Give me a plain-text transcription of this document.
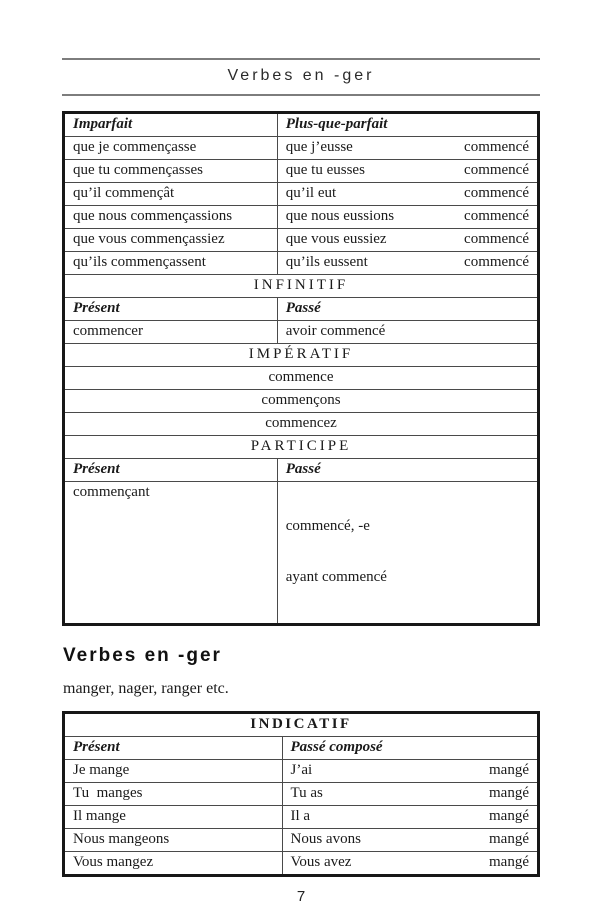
Verbes en -ger
Imparfait	Plus-que-parfait
que je commençasse	que j’eusse commencé

que tu commençasses	que tu eusses commencé

qu’il commençât	qu’il eut commencé

que nous commençassions	que nous eussions commencé

que vous commençassiez	que vous eussiez commencé

qu’ils commençassent	qu’ils eussent commencé

INFINITIF	
Présent	Passé
commencer	avoir commencé
IMPÉRATIF	
commence	
commençons	
commencez	
PARTICIPE	
Présent	Passé
commençant	commencé, -e

ayant commencé

Verbes en -ger
manger, nager, ranger etc.
INDICATIF	
Présent	Passé composé
Je mange	J’ai mangé

Tu  manges	Tu as mangé

Il mange	Il a mangé

Nous mangeons	Nous avons mangé

Vous mangez	Vous avez mangé
7
